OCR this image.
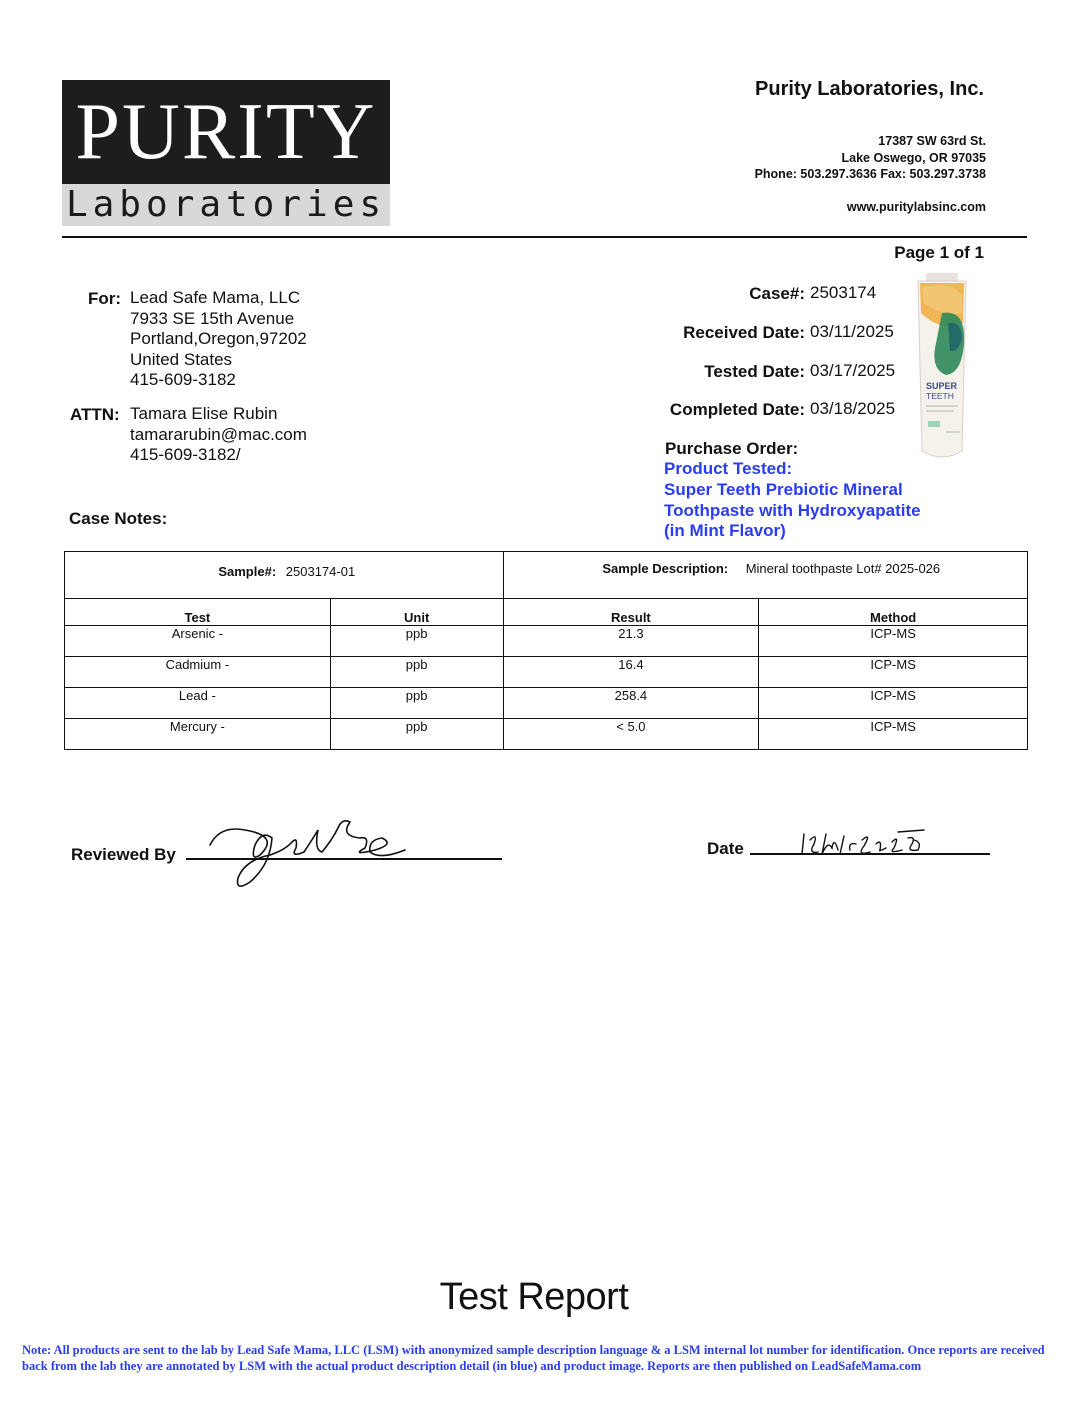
PURITY
Laboratories
Purity Laboratories, Inc.
17387 SW 63rd St.
Lake Oswego, OR 97035
Phone: 503.297.3636 Fax: 503.297.3738
www.puritylabsinc.com
Page 1 of 1
For: Lead Safe Mama, LLC
7933 SE 15th Avenue
Portland,Oregon,97202
United States
415-609-3182
ATTN: Tamara Elise Rubin
tamararubin@mac.com
415-609-3182/
Case Notes:
Case#: 2503174
Received Date: 03/11/2025
Tested Date: 03/17/2025
Completed Date: 03/18/2025
Purchase Order:
Product Tested:
Super Teeth Prebiotic Mineral
Toothpaste with Hydroxyapatite
(in Mint Flavor)
SUPER
TEETH
Sample#: 2503174-01		Sample Description: Mineral toothpaste Lot# 2025-026	

Test	Unit	Result	Method
Arsenic -	ppb	21.3	ICP-MS
Cadmium -	ppb	16.4	ICP-MS
Lead -	ppb	258.4	ICP-MS
Mercury -	ppb	< 5.0	ICP-MS
Reviewed By	Date
Test Report
Note: All products are sent to the lab by Lead Safe Mama, LLC (LSM) with anonymized sample description language & a LSM internal lot number for identification. Once reports are received back from the lab they are annotated by LSM with the actual product description detail (in blue) and product image. Reports are then published on LeadSafeMama.com
